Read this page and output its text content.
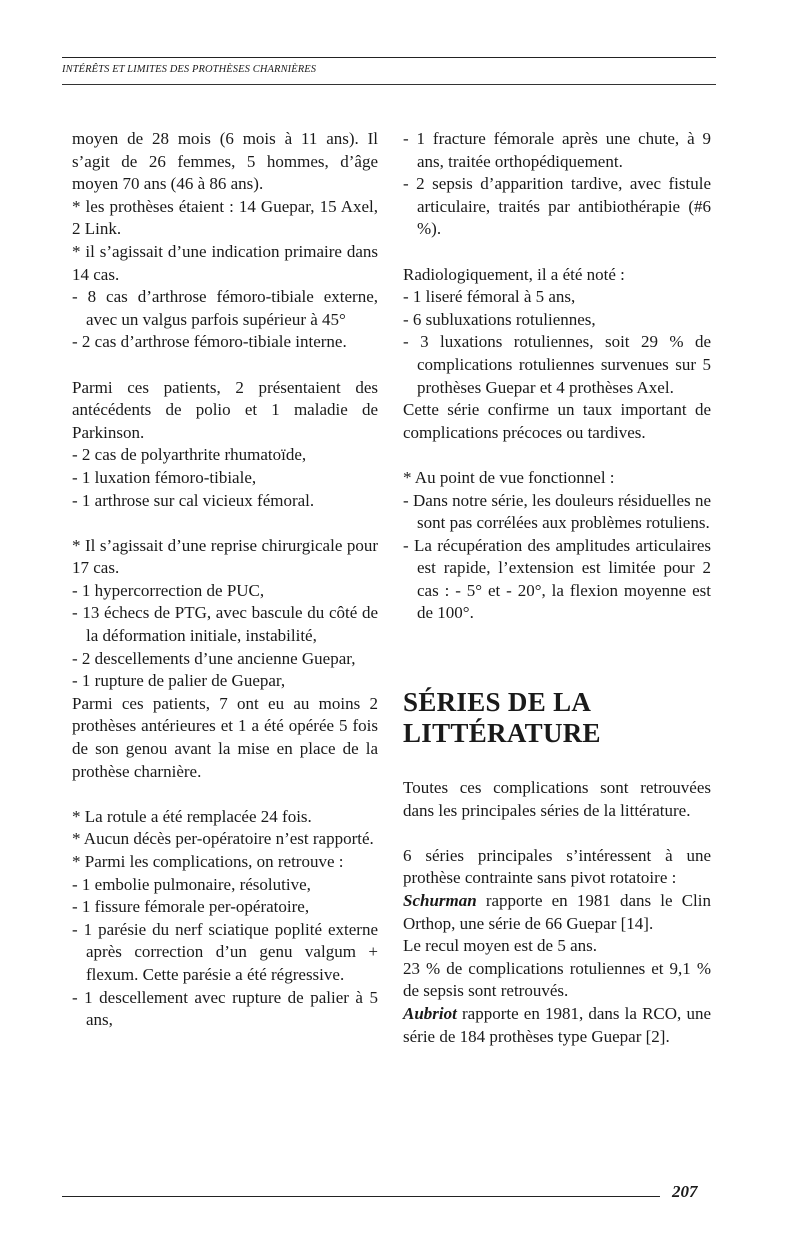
INTÉRÊTS ET LIMITES DES PROTHÈSES CHARNIÈRES

moyen de 28 mois (6 mois à 11 ans). Il s’agit de 26 femmes, 5 hommes, d’âge moyen 70 ans (46 à 86 ans).

* les prothèses étaient : 14 Guepar, 15 Axel, 2 Link.

* il s’agissait d’une indication primaire dans 14 cas.

- 8 cas d’arthrose fémoro-tibiale externe, avec un valgus parfois supérieur à 45°

- 2 cas d’arthrose fémoro-tibiale interne.

Parmi ces patients, 2 présentaient des antécédents de polio et 1 maladie de Parkinson.

- 2 cas de polyarthrite rhumatoïde,

- 1 luxation fémoro-tibiale,

- 1 arthrose sur cal vicieux fémoral.

* Il s’agissait d’une reprise chirurgicale pour 17 cas.

- 1 hypercorrection de PUC,

- 13 échecs de PTG, avec bascule du côté de la déformation initiale, instabilité,

- 2 descellements d’une ancienne Guepar,

- 1 rupture de palier de Guepar,

Parmi ces patients, 7 ont eu au moins 2 prothèses antérieures et 1 a été opérée 5 fois de son genou avant la mise en place de la prothèse charnière.

* La rotule a été remplacée 24 fois.

* Aucun décès per-opératoire n’est rapporté.

* Parmi les complications, on retrouve :

- 1 embolie pulmonaire, résolutive,

- 1 fissure fémorale per-opératoire,

- 1 parésie du nerf sciatique poplité externe après correction d’un genu valgum + flexum. Cette parésie a été régressive.

- 1 descellement avec rupture de palier à 5 ans,

- 1 fracture fémorale après une chute, à 9 ans, traitée orthopédiquement.

- 2 sepsis d’apparition tardive, avec fistule articulaire, traités par antibiothérapie (#6 %).

Radiologiquement, il a été noté :

- 1 liseré fémoral à 5 ans,

- 6 subluxations rotuliennes,

- 3 luxations rotuliennes, soit 29 % de complications rotuliennes survenues sur 5 prothèses Guepar et 4 prothèses Axel.

Cette série confirme un taux important de complications précoces ou tardives.

* Au point de vue fonctionnel :

- Dans notre série, les douleurs résiduelles ne sont pas corrélées aux problèmes rotuliens.

- La récupération des amplitudes articulaires est rapide, l’extension est limitée pour 2 cas : - 5° et - 20°, la flexion moyenne est de 100°.

SÉRIES DE LA
LITTÉRATURE

Toutes ces complications sont retrouvées dans les principales séries de la littérature.

6 séries principales s’intéressent à une prothèse contrainte sans pivot rotatoire :

Schurman rapporte en 1981 dans le Clin Orthop, une série de 66 Guepar [14].

Le recul moyen est de 5 ans.

23 % de complications rotuliennes et 9,1 % de sepsis sont retrouvés.

Aubriot rapporte en 1981, dans la RCO, une série de 184 prothèses type Guepar [2].

207
